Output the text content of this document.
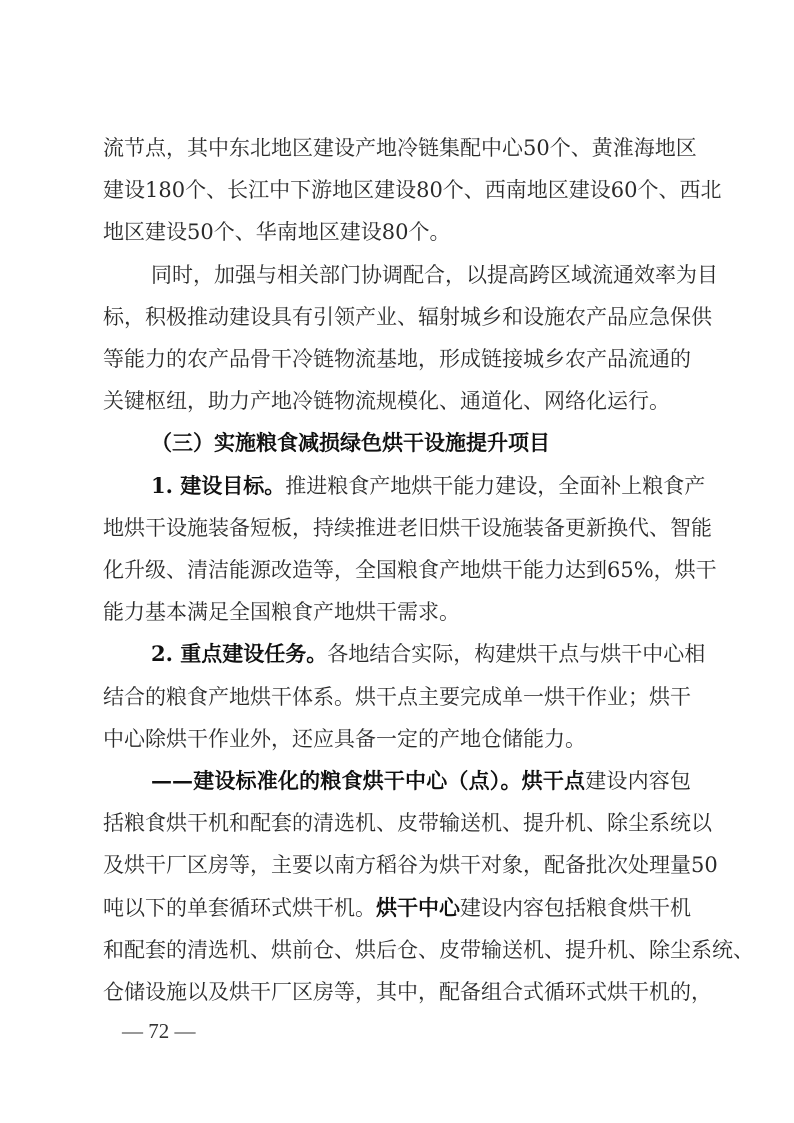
— 72 —
流节点，其中东北地区建设产地冷链集配中心50个、黄淮海地区
建设180个、长江中下游地区建设80个、西南地区建设60个、西北
地区建设50个、华南地区建设80个。
同时，加强与相关部门协调配合，以提高跨区域流通效率为目
标，积极推动建设具有引领产业、辐射城乡和设施农产品应急保供
等能力的农产品骨干冷链物流基地，形成链接城乡农产品流通的
关键枢纽，助力产地冷链物流规模化、通道化、网络化运行。
（三）实施粮食减损绿色烘干设施提升项目
1. 建设目标。推进粮食产地烘干能力建设，全面补上粮食产
地烘干设施装备短板，持续推进老旧烘干设施装备更新换代、智能
化升级、清洁能源改造等，全国粮食产地烘干能力达到65%，烘干
能力基本满足全国粮食产地烘干需求。
2. 重点建设任务。各地结合实际，构建烘干点与烘干中心相
结合的粮食产地烘干体系。烘干点主要完成单一烘干作业；烘干
中心除烘干作业外，还应具备一定的产地仓储能力。
——建设标准化的粮食烘干中心（点）。烘干点建设内容包
括粮食烘干机和配套的清选机、皮带输送机、提升机、除尘系统以
及烘干厂区房等，主要以南方稻谷为烘干对象，配备批次处理量50
吨以下的单套循环式烘干机。烘干中心建设内容包括粮食烘干机
和配套的清选机、烘前仓、烘后仓、皮带输送机、提升机、除尘系统、
仓储设施以及烘干厂区房等，其中，配备组合式循环式烘干机的，
